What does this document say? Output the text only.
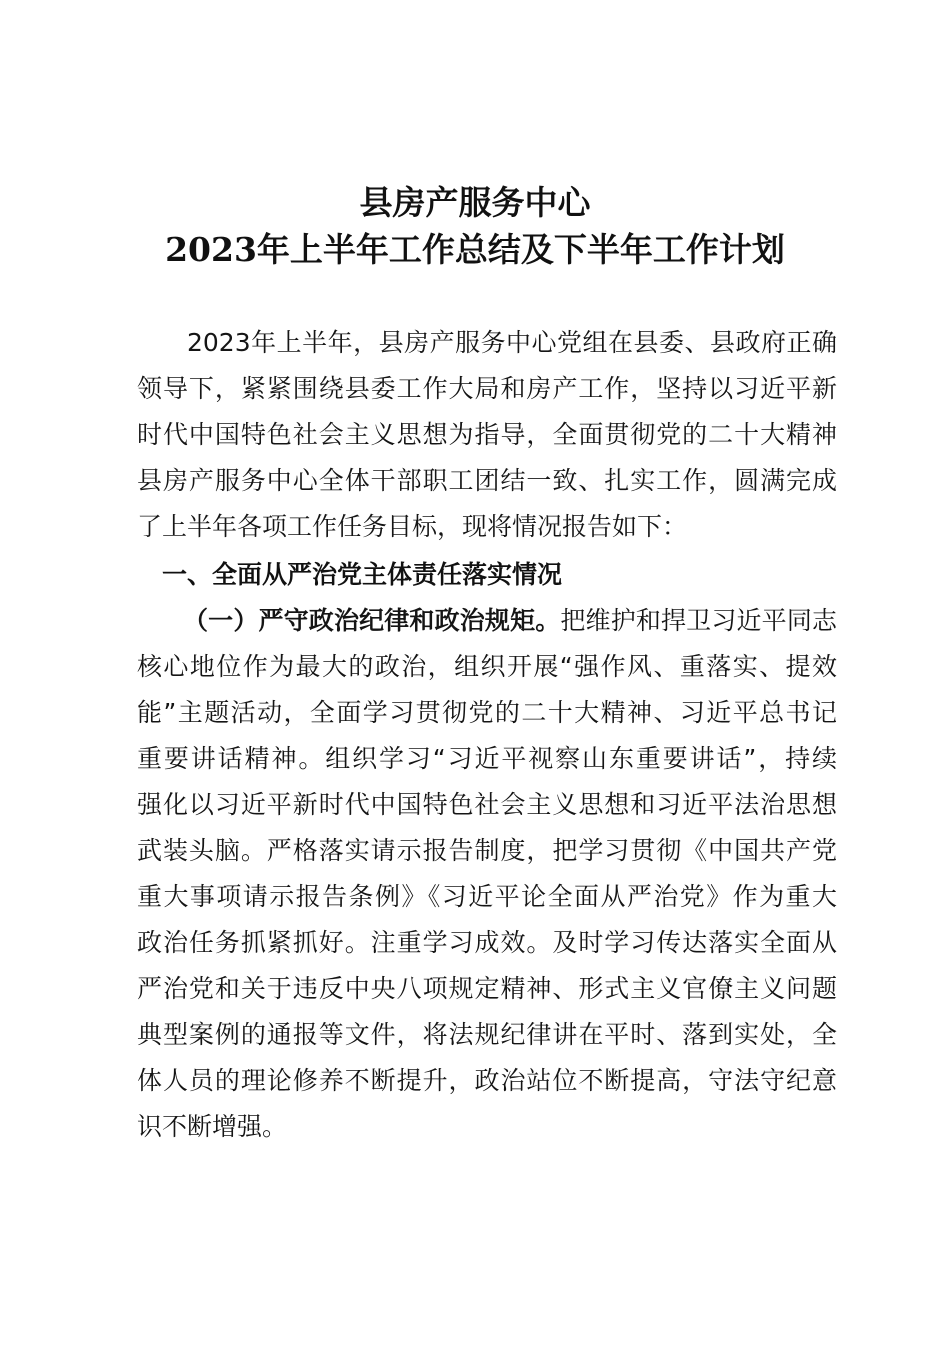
县房产服务中心
2023年上半年工作总结及下半年工作计划
2023年上半年，县房产服务中心党组在县委、县政府正确
领导下，紧紧围绕县委工作大局和房产工作，坚持以习近平新
时代中国特色社会主义思想为指导，全面贯彻党的二十大精神
县房产服务中心全体干部职工团结一致、扎实工作，圆满完成
了上半年各项工作任务目标，现将情况报告如下：
一、全面从严治党主体责任落实情况
（一）严守政治纪律和政治规矩。把维护和捍卫习近平同志
核心地位作为最大的政治，组织开展“强作风、重落实、提效
能”主题活动，全面学习贯彻党的二十大精神、习近平总书记
重要讲话精神。组织学习“习近平视察山东重要讲话”，持续
强化以习近平新时代中国特色社会主义思想和习近平法治思想
武装头脑。严格落实请示报告制度，把学习贯彻《中国共产党
重大事项请示报告条例》《习近平论全面从严治党》作为重大
政治任务抓紧抓好。注重学习成效。及时学习传达落实全面从
严治党和关于违反中央八项规定精神、形式主义官僚主义问题
典型案例的通报等文件，将法规纪律讲在平时、落到实处，全
体人员的理论修养不断提升，政治站位不断提高，守法守纪意
识不断增强。
